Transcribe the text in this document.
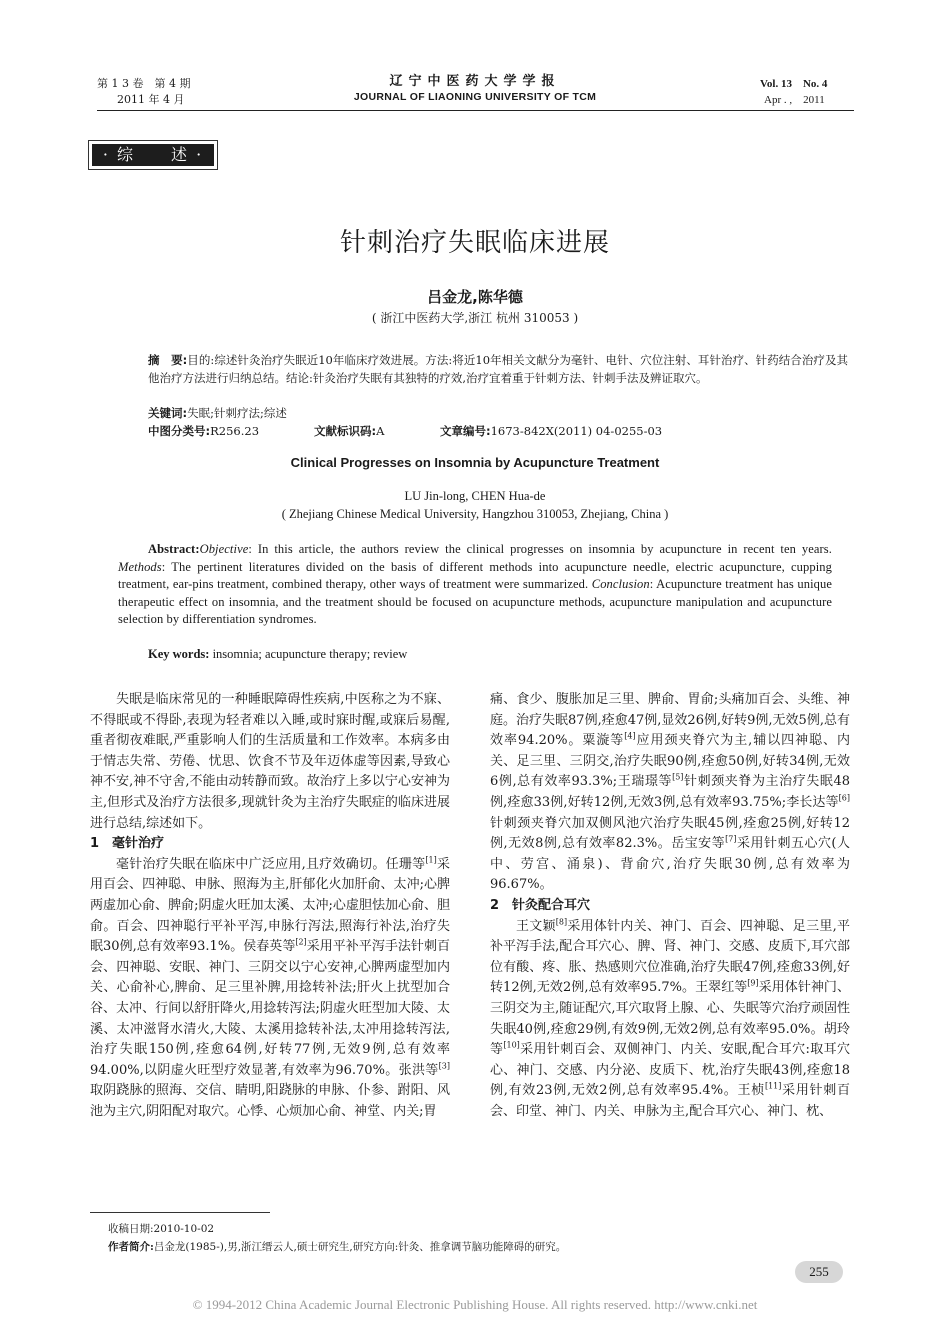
第 1 3 卷　第 4 期
2011 年 4 月
辽宁中医药大学学报
JOURNAL OF LIAONING UNIVERSITY OF TCM
Vol. 13　No. 4
Apr . ,　2011
· 综　　述 ·
针刺治疗失眠临床进展
吕金龙,陈华德
( 浙江中医药大学,浙江 杭州 310053 )
摘　要:目的:综述针灸治疗失眠近10年临床疗效进展。方法:将近10年相关文献分为毫针、电针、穴位注射、耳针治疗、针药结合治疗及其他治疗方法进行归纳总结。结论:针灸治疗失眠有其独特的疗效,治疗宜着重于针刺方法、针刺手法及辨证取穴。
关键词:失眠;针刺疗法;综述
中图分类号:R256.23	文献标识码:A	文章编号:1673-842X(2011) 04-0255-03
Clinical Progresses on Insomnia by Acupuncture Treatment
LU Jin-long, CHEN Hua-de
( Zhejiang Chinese Medical University, Hangzhou 310053, Zhejiang, China )
Abstract:Objective: In this article, the authors review the clinical progresses on insomnia by acupuncture in recent ten years. Methods: The pertinent literatures divided on the basis of different methods into acupuncture needle, electric acupuncture, cupping treatment, ear-pins treatment, combined therapy, other ways of treatment were summarized. Conclusion: Acupuncture treatment has unique therapeutic effect on insomnia, and the treatment should be focused on acupuncture methods, acupuncture manipulation and acupuncture selection by differentiation syndromes.
Key words: insomnia; acupuncture therapy; review

失眠是临床常见的一种睡眠障碍性疾病,中医称之为不寐、不得眠或不得卧,表现为轻者难以入睡,或时寐时醒,或寐后易醒,重者彻夜难眠,严重影响人们的生活质量和工作效率。本病多由于情志失常、劳倦、忧思、饮食不节及年迈体虚等因素,导致心神不安,神不守舍,不能由动转静而致。故治疗上多以宁心安神为主,但形式及治疗方法很多,现就针灸为主治疗失眠症的临床进展进行总结,综述如下。

1　毫针治疗

毫针治疗失眠在临床中广泛应用,且疗效确切。任珊等[1]采用百会、四神聪、申脉、照海为主,肝郁化火加肝俞、太冲;心脾两虚加心俞、脾俞;阴虚火旺加太溪、太冲;心虚胆怯加心俞、胆俞。百会、四神聪行平补平泻,申脉行泻法,照海行补法,治疗失眠30例,总有效率93.1%。侯春英等[2]采用平补平泻手法针刺百会、四神聪、安眠、神门、三阴交以宁心安神,心脾两虚型加内关、心俞补心,脾俞、足三里补脾,用捻转补法;肝火上扰型加合谷、太冲、行间以舒肝降火,用捻转泻法;阴虚火旺型加大陵、太溪、太冲滋肾水清火,大陵、太溪用捻转补法,太冲用捻转泻法,治疗失眠150例,痊愈64例,好转77例,无效9例,总有效率94.00%,以阴虚火旺型疗效显著,有效率为96.70%。张洪等[3]取阴跷脉的照海、交信、睛明,阳跷脉的申脉、仆参、跗阳、风池为主穴,阴阳配对取穴。心悸、心烦加心俞、神堂、内关;胃

痛、食少、腹胀加足三里、脾俞、胃俞;头痛加百会、头维、神庭。治疗失眠87例,痊愈47例,显效26例,好转9例,无效5例,总有效率94.20%。粟漩等[4]应用颈夹脊穴为主,辅以四神聪、内关、足三里、三阴交,治疗失眠90例,痊愈50例,好转34例,无效6例,总有效率93.3%;王瑞璟等[5]针刺颈夹脊为主治疗失眠48例,痊愈33例,好转12例,无效3例,总有效率93.75%;李长达等[6]针刺颈夹脊穴加双侧风池穴治疗失眠45例,痊愈25例,好转12例,无效8例,总有效率82.3%。岳宝安等[7]采用针刺五心穴(人中、劳宫、涌泉)、背俞穴,治疗失眠30例,总有效率为96.67%。

2　针灸配合耳穴

王文颖[8]采用体针内关、神门、百会、四神聪、足三里,平补平泻手法,配合耳穴心、脾、肾、神门、交感、皮质下,耳穴部位有酸、疼、胀、热感则穴位准确,治疗失眠47例,痊愈33例,好转12例,无效2例,总有效率95.7%。王翠红等[9]采用体针神门、三阴交为主,随证配穴,耳穴取肾上腺、心、失眠等穴治疗顽固性失眠40例,痊愈29例,有效9例,无效2例,总有效率95.0%。胡玲等[10]采用针刺百会、双侧神门、内关、安眠,配合耳穴:取耳穴心、神门、交感、内分泌、皮质下、枕,治疗失眠43例,痊愈18例,有效23例,无效2例,总有效率95.4%。王桢[11]采用针刺百会、印堂、神门、内关、申脉为主,配合耳穴心、神门、枕、

收稿日期:2010-10-02
作者简介:吕金龙(1985-),男,浙江缙云人,硕士研究生,研究方向:针灸、推拿调节脑功能障碍的研究。
255
© 1994-2012 China Academic Journal Electronic Publishing House. All rights reserved. http://www.cnki.net
